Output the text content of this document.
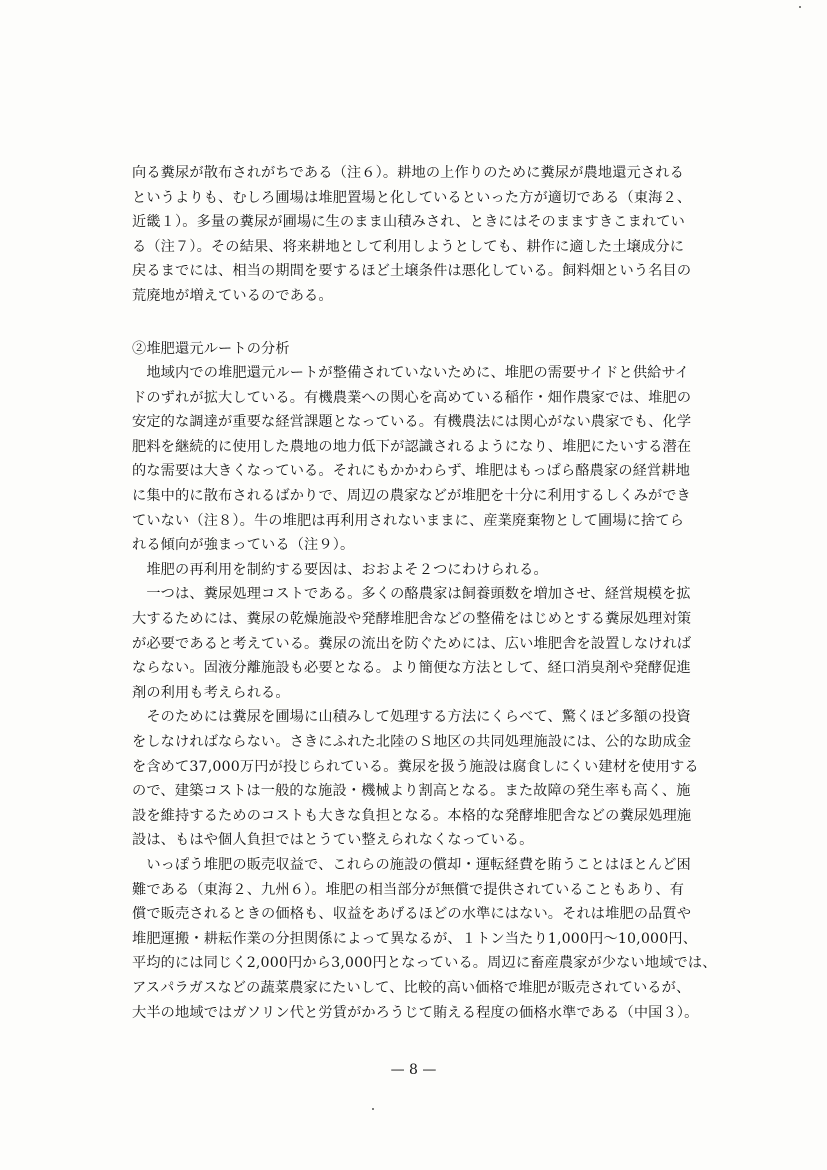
向る糞尿が散布されがちである（注６）。耕地の上作りのために糞尿が農地還元される
というよりも、むしろ圃場は堆肥置場と化しているといった方が適切である（東海２、
近畿１）。多量の糞尿が圃場に生のまま山積みされ、ときにはそのまますきこまれてい
る（注７）。その結果、将来耕地として利用しようとしても、耕作に適した土壌成分に
戻るまでには、相当の期間を要するほど土壌条件は悪化している。飼料畑という名目の
荒廃地が増えているのである。
②堆肥還元ルートの分析
　地域内での堆肥還元ルートが整備されていないために、堆肥の需要サイドと供給サイ
ドのずれが拡大している。有機農業への関心を高めている稲作・畑作農家では、堆肥の
安定的な調達が重要な経営課題となっている。有機農法には関心がない農家でも、化学
肥料を継続的に使用した農地の地力低下が認識されるようになり、堆肥にたいする潜在
的な需要は大きくなっている。それにもかかわらず、堆肥はもっぱら酪農家の経営耕地
に集中的に散布されるばかりで、周辺の農家などが堆肥を十分に利用するしくみができ
ていない（注８）。牛の堆肥は再利用されないままに、産業廃棄物として圃場に捨てら
れる傾向が強まっている（注９）。
　堆肥の再利用を制約する要因は、おおよそ２つにわけられる。
　一つは、糞尿処理コストである。多くの酪農家は飼養頭数を増加させ、経営規模を拡
大するためには、糞尿の乾燥施設や発酵堆肥舎などの整備をはじめとする糞尿処理対策
が必要であると考えている。糞尿の流出を防ぐためには、広い堆肥舎を設置しなければ
ならない。固液分離施設も必要となる。より簡便な方法として、経口消臭剤や発酵促進
剤の利用も考えられる。
　そのためには糞尿を圃場に山積みして処理する方法にくらべて、驚くほど多額の投資
をしなければならない。さきにふれた北陸のＳ地区の共同処理施設には、公的な助成金
を含めて37,000万円が投じられている。糞尿を扱う施設は腐食しにくい建材を使用する
ので、建築コストは一般的な施設・機械より割高となる。また故障の発生率も高く、施
設を維持するためのコストも大きな負担となる。本格的な発酵堆肥舎などの糞尿処理施
設は、もはや個人負担ではとうてい整えられなくなっている。
　いっぽう堆肥の販売収益で、これらの施設の償却・運転経費を賄うことはほとんど困
難である（東海２、九州６）。堆肥の相当部分が無償で提供されていることもあり、有
償で販売されるときの価格も、収益をあげるほどの水準にはない。それは堆肥の品質や
堆肥運搬・耕耘作業の分担関係によって異なるが、１トン当たり1,000円～10,000円、
平均的には同じく2,000円から3,000円となっている。周辺に畜産農家が少ない地域では、
アスパラガスなどの蔬菜農家にたいして、比較的高い価格で堆肥が販売されているが、
大半の地域ではガソリン代と労賃がかろうじて賄える程度の価格水準である（中国３）。
— 8 —
